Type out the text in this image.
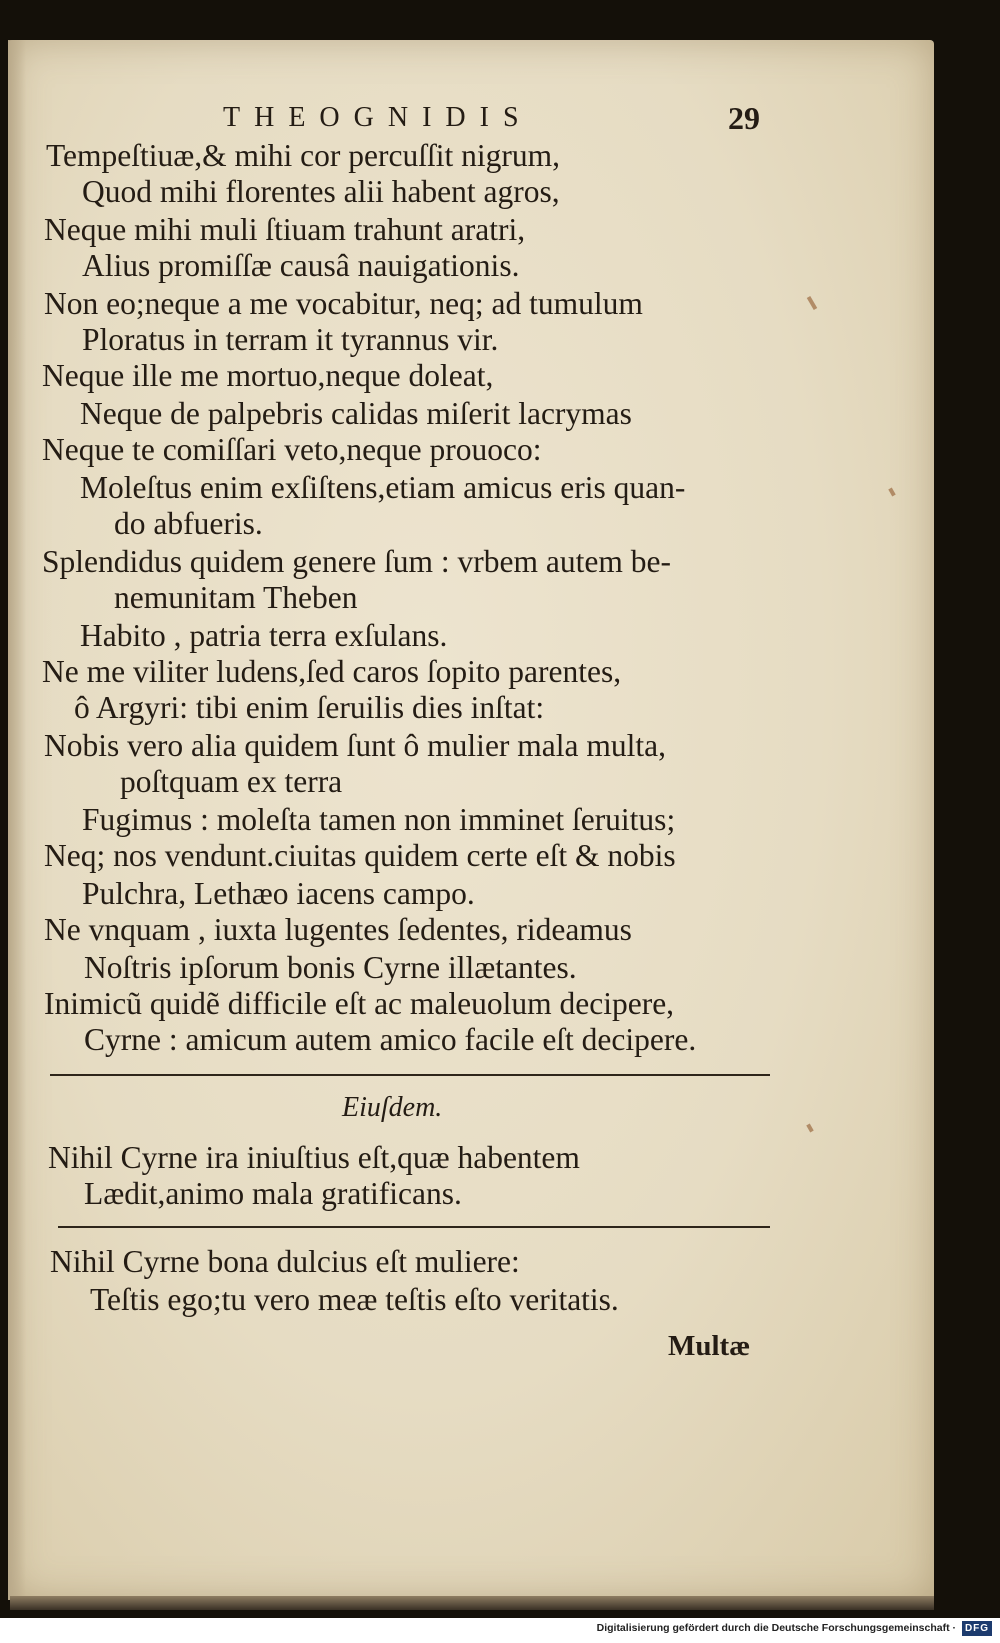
THEOGNIDIS	29
Tempeſtiuæ,& mihi cor percuſſit nigrum,
Quod mihi florentes alii habent agros,
Neque mihi muli ſtiuam trahunt aratri,
Alius promiſſæ causâ nauigationis.
Non eo;neque a me vocabitur, neq; ad tumulum
Ploratus in terram it tyrannus vir.
Neque ille me mortuo,neque doleat,
Neque de palpebris calidas miſerit lacrymas
Neque te comiſſari veto,neque prouoco:
Moleſtus enim exſiſtens,etiam amicus eris quan-
do abfueris.
Splendidus quidem genere ſum : vrbem autem be-
nemunitam Theben
Habito , patria terra exſulans.
Ne me viliter ludens,ſed caros ſopito parentes,
ô Argyri: tibi enim ſeruilis dies inſtat:
Nobis vero alia quidem ſunt ô mulier mala multa,
poſtquam ex terra
Fugimus : moleſta tamen non imminet ſeruitus;
Neq; nos vendunt.ciuitas quidem certe eſt & nobis
Pulchra, Lethæo iacens campo.
Ne vnquam , iuxta lugentes ſedentes, rideamus
Noſtris ipſorum bonis Cyrne illætantes.
Inimicũ quidẽ difficile eſt ac maleuolum decipere,
Cyrne : amicum autem amico facile eſt decipere.
Eiuſdem.
Nihil Cyrne ira iniuſtius eſt,quæ habentem
Lædit,animo mala gratificans.
Nihil Cyrne bona dulcius eſt muliere:
Teſtis ego;tu vero meæ teſtis eſto veritatis.
Multæ
Digitalisierung gefördert durch die Deutsche Forschungsgemeinschaft · DFG
